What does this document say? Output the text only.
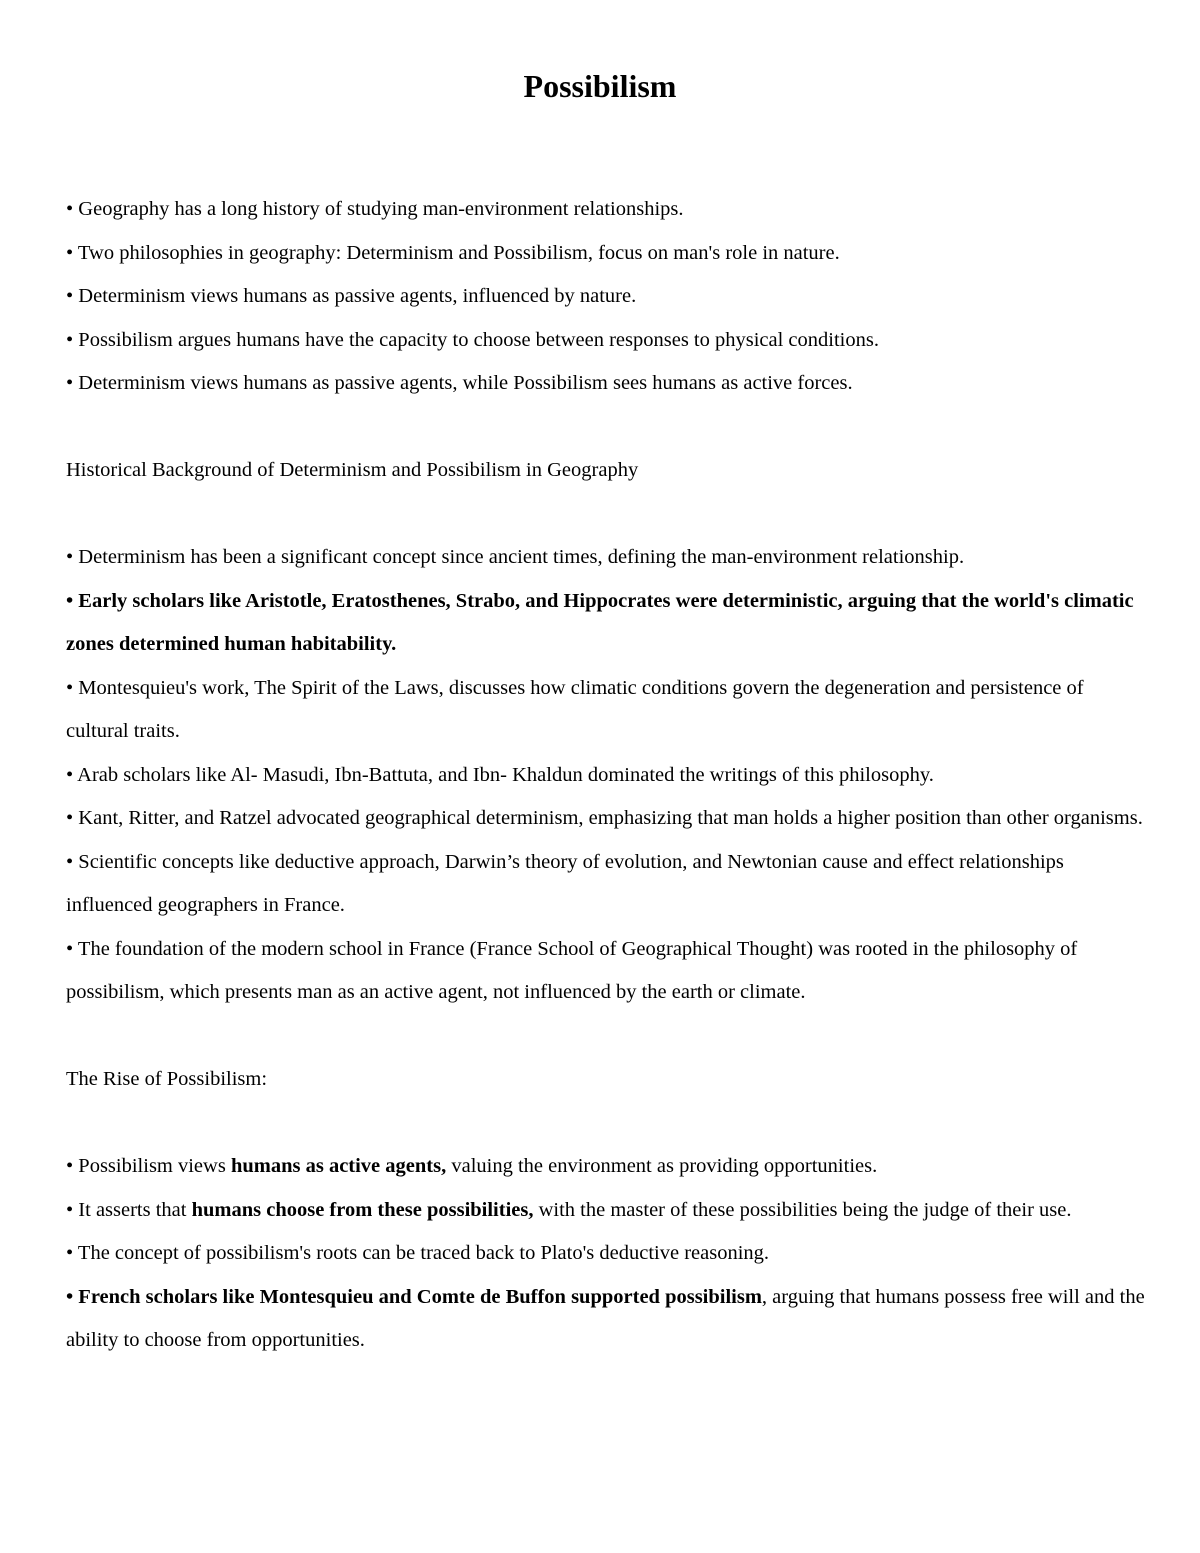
Possibilism

• Geography has a long history of studying man-environment relationships.

• Two philosophies in geography: Determinism and Possibilism, focus on man's role in nature.

• Determinism views humans as passive agents, influenced by nature.

• Possibilism argues humans have the capacity to choose between responses to physical conditions.

• Determinism views humans as passive agents, while Possibilism sees humans as active forces.

Historical Background of Determinism and Possibilism in Geography

• Determinism has been a significant concept since ancient times, defining the man-environment relationship.

• Early scholars like Aristotle, Eratosthenes, Strabo, and Hippocrates were deterministic, arguing that the world's climatic zones determined human habitability.

• Montesquieu's work, The Spirit of the Laws, discusses how climatic conditions govern the degeneration and persistence of cultural traits.

• Arab scholars like Al- Masudi, Ibn-Battuta, and Ibn- Khaldun dominated the writings of this philosophy.

• Kant, Ritter, and Ratzel advocated geographical determinism, emphasizing that man holds a higher position than other organisms.

• Scientific concepts like deductive approach, Darwin’s theory of evolution, and Newtonian cause and effect relationships influenced geographers in France.

• The foundation of the modern school in France (France School of Geographical Thought) was rooted in the philosophy of possibilism, which presents man as an active agent, not influenced by the earth or climate.

The Rise of Possibilism:

• Possibilism views humans as active agents, valuing the environment as providing opportunities.

• It asserts that humans choose from these possibilities, with the master of these possibilities being the judge of their use.

• The concept of possibilism's roots can be traced back to Plato's deductive reasoning.

• French scholars like Montesquieu and Comte de Buffon supported possibilism, arguing that humans possess free will and the ability to choose from opportunities.
